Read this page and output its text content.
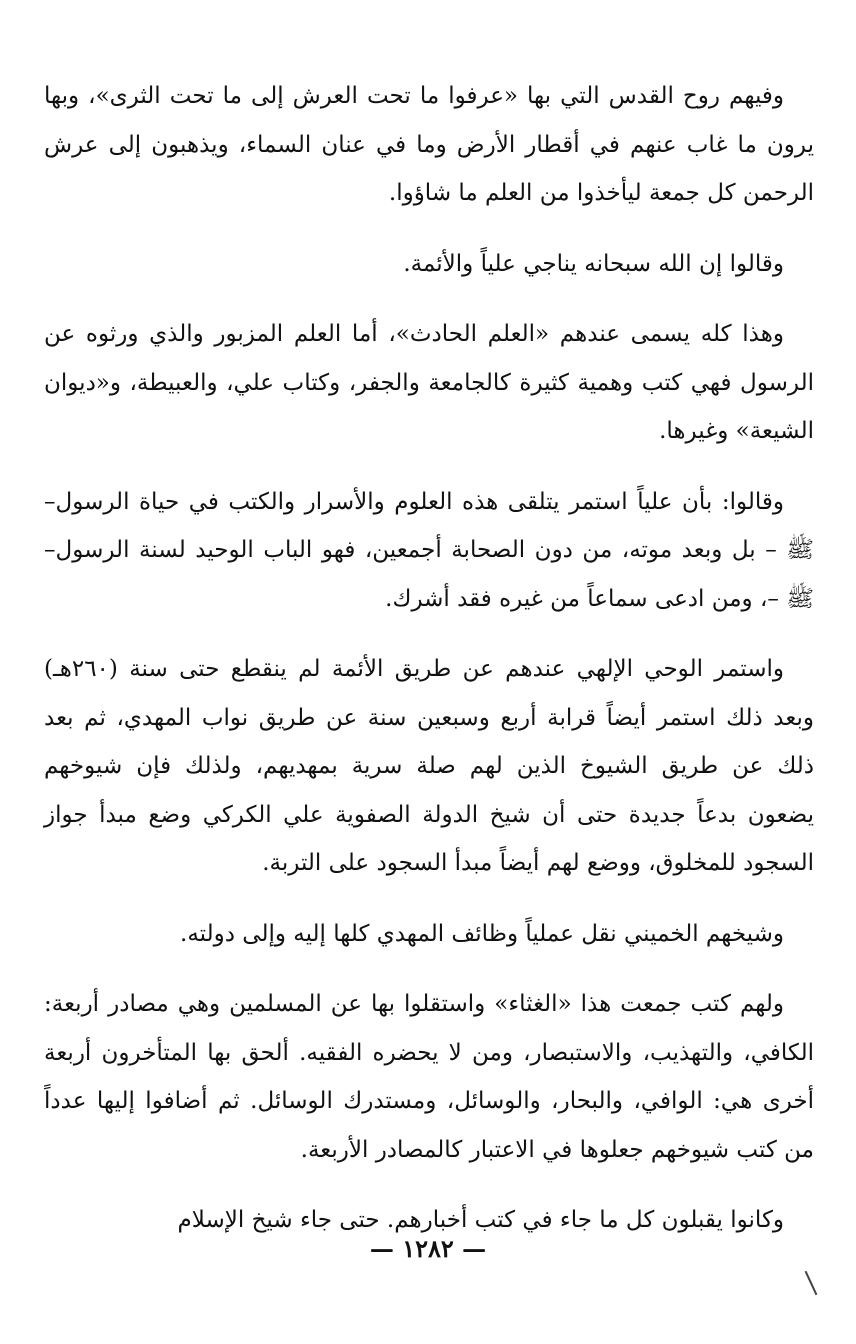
وفيهم روح القدس التي بها «عرفوا ما تحت العرش إلى ما تحت الثرى»، وبها يرون ما غاب عنهم في أقطار الأرض وما في عنان السماء، ويذهبون إلى عرش الرحمن كل جمعة ليأخذوا من العلم ما شاؤوا.

وقالوا إن الله سبحانه يناجي علياً والأئمة.

وهذا كله يسمى عندهم «العلم الحادث»، أما العلم المزبور والذي ورثوه عن الرسول فهي كتب وهمية كثيرة كالجامعة والجفر، وكتاب علي، والعبيطة، و«ديوان الشيعة» وغيرها.

وقالوا: بأن علياً استمر يتلقى هذه العلوم والأسرار والكتب في حياة الرسول– ﷺ – بل وبعد موته، من دون الصحابة أجمعين، فهو الباب الوحيد لسنة الرسول– ﷺ –، ومن ادعى سماعاً من غيره فقد أشرك.

واستمر الوحي الإلهي عندهم عن طريق الأئمة لم ينقطع حتى سنة (٢٦٠هـ) وبعد ذلك استمر أيضاً قرابة أربع وسبعين سنة عن طريق نواب المهدي، ثم بعد ذلك عن طريق الشيوخ الذين لهم صلة سرية بمهديهم، ولذلك فإن شيوخهم يضعون بدعاً جديدة حتى أن شيخ الدولة الصفوية علي الكركي وضع مبدأ جواز السجود للمخلوق، ووضع لهم أيضاً مبدأ السجود على التربة.

وشيخهم الخميني نقل عملياً وظائف المهدي كلها إليه وإلى دولته.

ولهم كتب جمعت هذا «الغثاء» واستقلوا بها عن المسلمين وهي مصادر أربعة: الكافي، والتهذيب، والاستبصار، ومن لا يحضره الفقيه. ألحق بها المتأخرون أربعة أخرى هي: الوافي، والبحار، والوسائل، ومستدرك الوسائل. ثم أضافوا إليها عدداً من كتب شيوخهم جعلوها في الاعتبار كالمصادر الأربعة.

وكانوا يقبلون كل ما جاء في كتب أخبارهم. حتى جاء شيخ الإسلام

— ١٢٨٢ —
